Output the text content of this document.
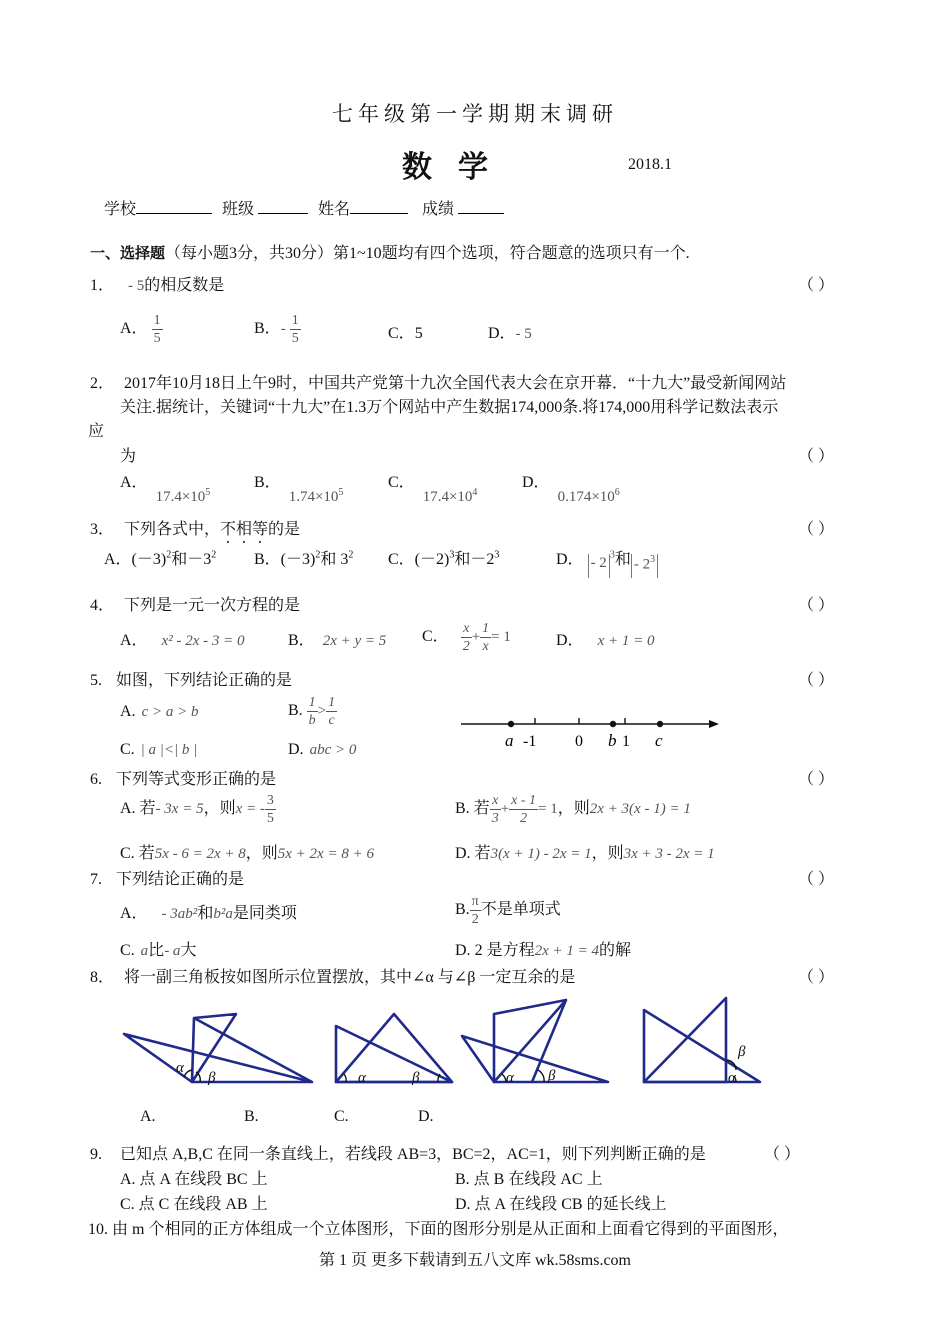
七年级第一学期期末调研
数学	2018.1
学校	班级	姓名	成绩
一、选择题（每小题3分，共30分）第1~10题均有四个选项，符合题意的选项只有一个.
1． - 5的相反数是	（ ）
A． $\frac{1}{5}$	B．- $\frac{1}{5}$	C．5	D．- 5
2． 2017年10月18日上午9时，中国共产党第十九次全国代表大会在京开幕．“十九大”最受新闻网站
关注.据统计，关键词“十九大”在1.3万个网站中产生数据174,000条.将174,000用科学记数法表示
应
为	（ ）
A．$17.4\times 10^5$
B．$1.74\times 10^5$
C．$17.4\times 10^4$
D．$0.174\times 10^6$
3． 下列各式中，不相等的是	（ ）
A．$(-3)^2$和$-3^2$ B．$(-3)^2$和 $3^2$ C．$(-2)^3$和$-2^3$	D． - $2^3$和 - $2^3$
4． 下列是一元一次方程的是	（ ）
A． x² - 2x - 3 = 0	B． 2x + y = 5 C． $\frac{x}{2} + \frac{1}{x} = 1$	D． x + 1 = 0
5. 如图，下列结论正确的是	（ ）
A. c > a > b	B. $\frac{1}{b} > \frac{1}{c}$
C. | a |<| b |	D. abc > 0	a -1 0 b 1 c
6. 下列等式变形正确的是	（ ）
A. 若- 3x = 5，则x = - $\frac{3}{5}$	B. 若 $\frac{x}{3} + \frac{x - 1}{2} = 1$，则2x + 3(x - 1) = 1
C. 若5x - 6 = 2x + 8，则5x + 2x = 8 + 6	D. 若3(x + 1) - 2x = 1，则3x + 3 - 2x = 1
7. 下列结论正确的是	（ ）
A． - 3ab²和b²a是同类项	B. $\frac{\pi}{2}$ 不是单项式
C. a比- a大	D. 2 是方程2x + 1 = 4的解
8． 将一副三角板按如图所示位置摆放，其中∠α 与∠β 一定互余的是	（ ）
α
β	α	β	α β	α
β
A.	B.	C.	D.
9. 已知点 A,B,C 在同一条直线上，若线段 AB=3，BC=2，AC=1，则下列判断正确的是	（ ）
A. 点 A 在线段 BC 上	B. 点 B 在线段 AC 上
C. 点 C 在线段 AB 上	D. 点 A 在线段 CB 的延长线上
10. 由 m 个相同的正方体组成一个立体图形，下面的图形分别是从正面和上面看它得到的平面图形，
第 1 页 更多下载请到五八文库 wk.58sms.com
